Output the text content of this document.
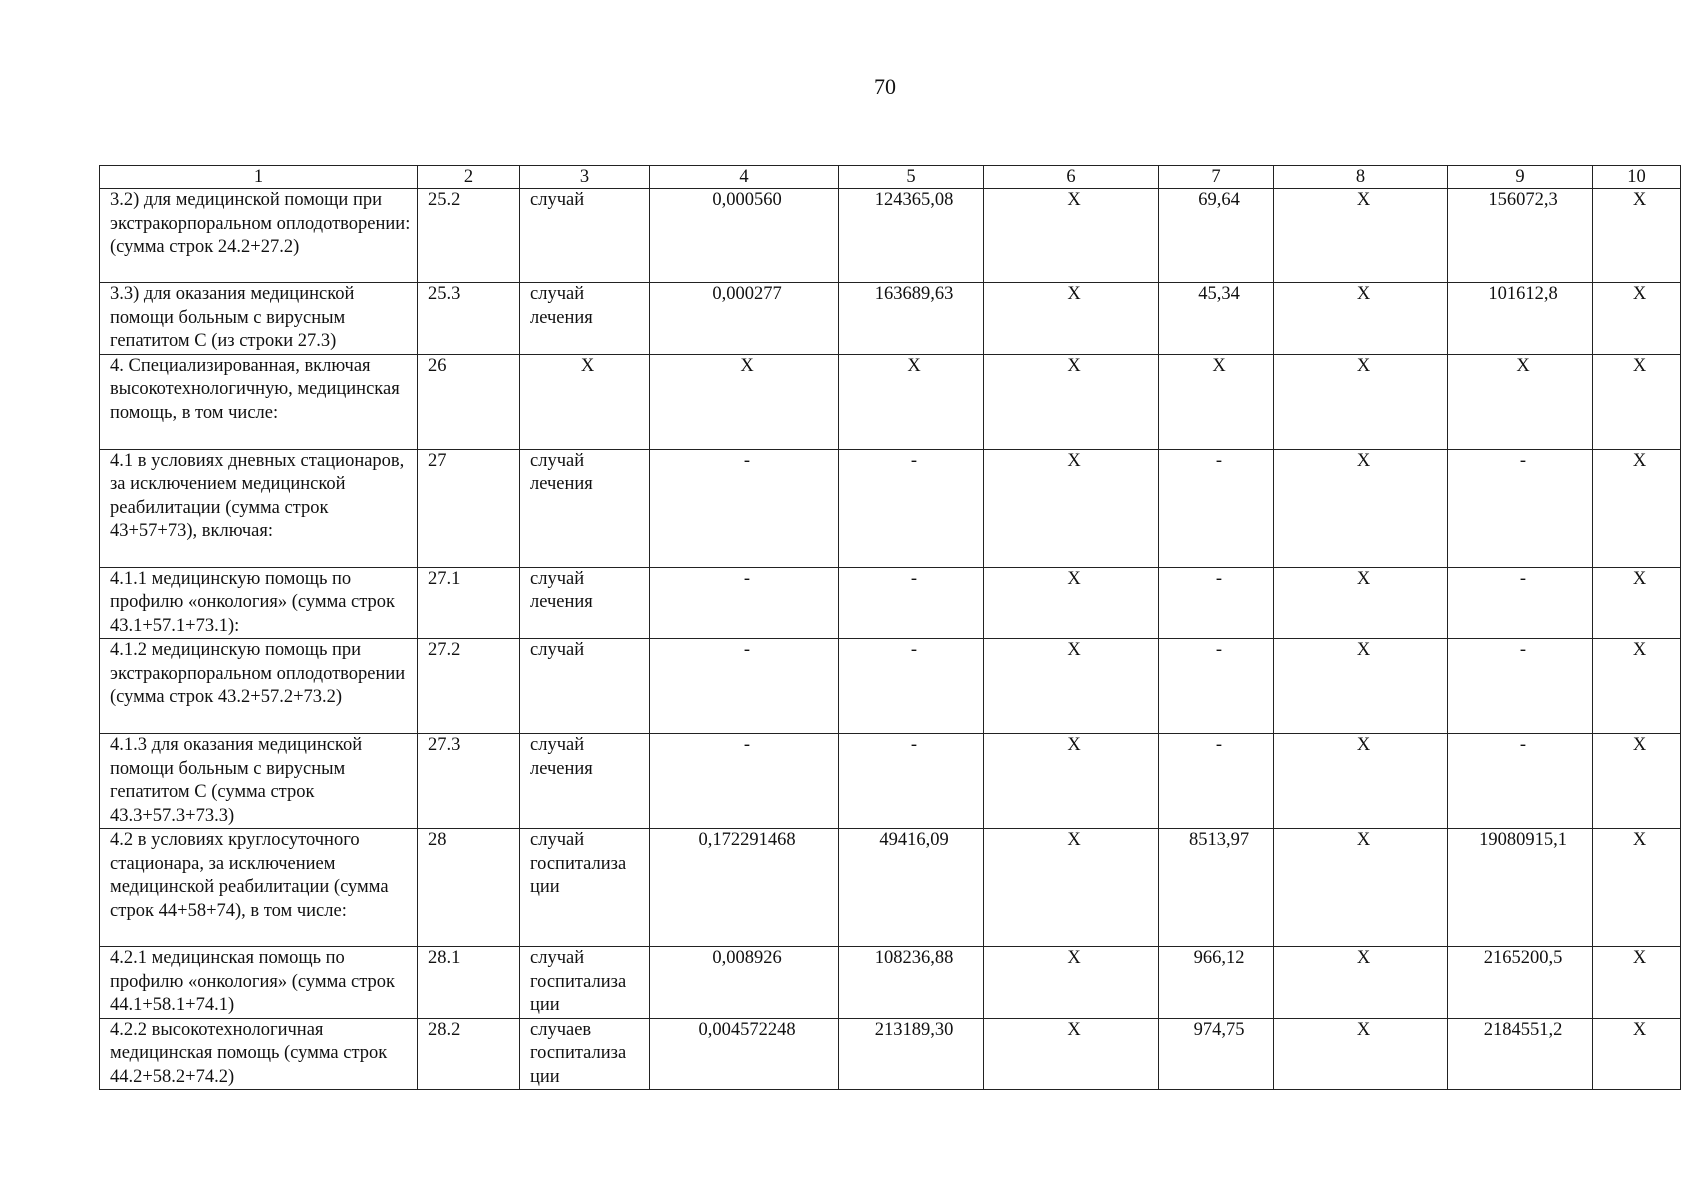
70
1	2	3	4	5	6	7	8	9	10
3.2) для медицинской помощи при экстракорпоральном оплодотворении: (сумма строк 24.2+27.2)	25.2	случай	0,000560	124365,08	X	69,64	X	156072,3	X
3.3) для оказания медицинской помощи больным с вирусным гепатитом С (из строки 27.3)	25.3	случай лечения	0,000277	163689,63	X	45,34	X	101612,8	X
4. Специализированная, включая высокотехнологичную, медицинская помощь, в том числе:	26	X	X	X	X	X	X	X	X
4.1 в условиях дневных стационаров, за исключением медицинской реабилитации (сумма строк 43+57+73), включая:	27	случай лечения	-	-	X	-	X	-	X
4.1.1 медицинскую помощь по профилю «онкология» (сумма строк 43.1+57.1+73.1):	27.1	случай лечения	-	-	X	-	X	-	X
4.1.2 медицинскую помощь при экстракорпоральном оплодотворении (сумма строк 43.2+57.2+73.2)	27.2	случай	-	-	X	-	X	-	X
4.1.3 для оказания медицинской помощи больным с вирусным гепатитом С (сумма строк 43.3+57.3+73.3)	27.3	случай лечения	-	-	X	-	X	-	X
4.2 в условиях круглосуточного стационара, за исключением медицинской реабилитации (сумма строк 44+58+74), в том числе:	28	случай госпитализа ции	0,172291468	49416,09	X	8513,97	X	19080915,1	X
4.2.1 медицинская помощь по профилю «онкология» (сумма строк 44.1+58.1+74.1)	28.1	случай госпитализа ции	0,008926	108236,88	X	966,12	X	2165200,5	X
4.2.2 высокотехнологичная медицинская помощь (сумма строк 44.2+58.2+74.2)	28.2	случаев госпитализа ции	0,004572248	213189,30	X	974,75	X	2184551,2	X
